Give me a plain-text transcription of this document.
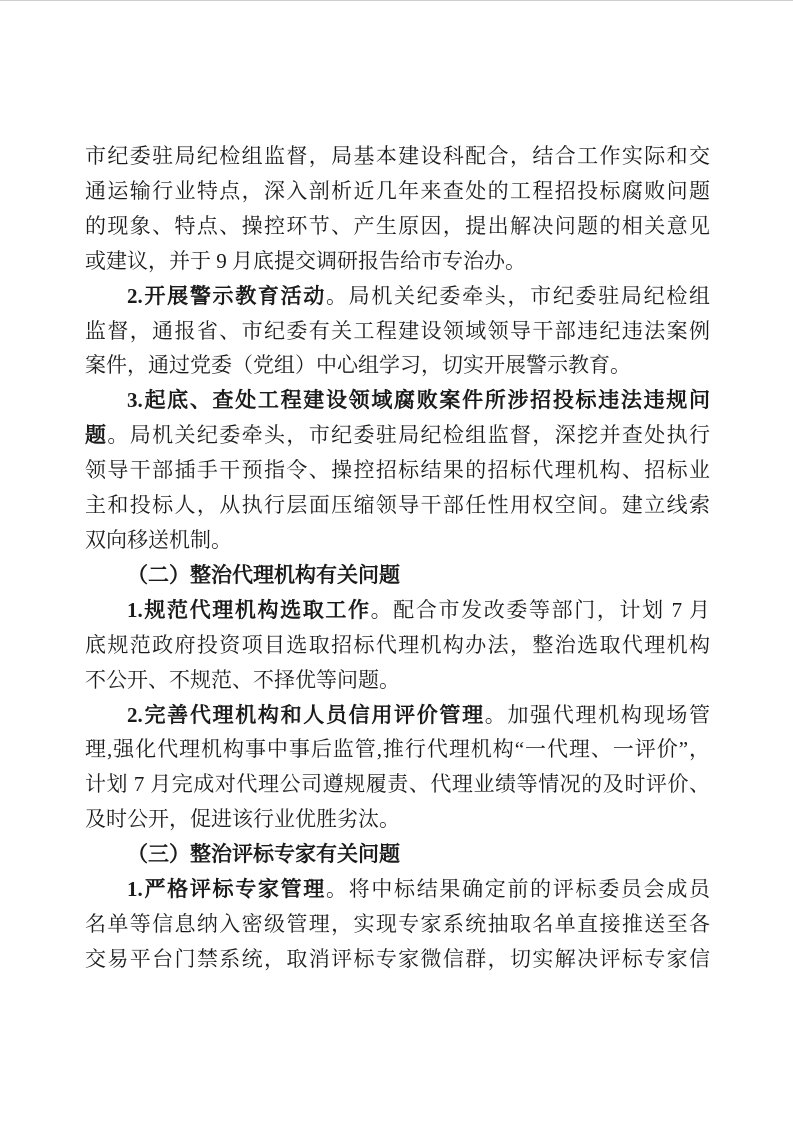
市纪委驻局纪检组监督，局基本建设科配合，结合工作实际和交
通运输行业特点，深入剖析近几年来查处的工程招投标腐败问题
的现象、特点、操控环节、产生原因，提出解决问题的相关意见
或建议，并于 9 月底提交调研报告给市专治办。
2.开展警示教育活动。局机关纪委牵头，市纪委驻局纪检组
监督，通报省、市纪委有关工程建设领域领导干部违纪违法案例
案件，通过党委（党组）中心组学习，切实开展警示教育。
3.起底、查处工程建设领域腐败案件所涉招投标违法违规问
题。局机关纪委牵头，市纪委驻局纪检组监督，深挖并查处执行
领导干部插手干预指令、操控招标结果的招标代理机构、招标业
主和投标人，从执行层面压缩领导干部任性用权空间。建立线索
双向移送机制。
（二）整治代理机构有关问题
1.规范代理机构选取工作。配合市发改委等部门，计划 7 月
底规范政府投资项目选取招标代理机构办法，整治选取代理机构
不公开、不规范、不择优等问题。
2.完善代理机构和人员信用评价管理。加强代理机构现场管
理,强化代理机构事中事后监管,推行代理机构“一代理、一评价”，
计划 7 月完成对代理公司遵规履责、代理业绩等情况的及时评价、
及时公开，促进该行业优胜劣汰。
（三）整治评标专家有关问题
1.严格评标专家管理。将中标结果确定前的评标委员会成员
名单等信息纳入密级管理，实现专家系统抽取名单直接推送至各
交易平台门禁系统，取消评标专家微信群，切实解决评标专家信
